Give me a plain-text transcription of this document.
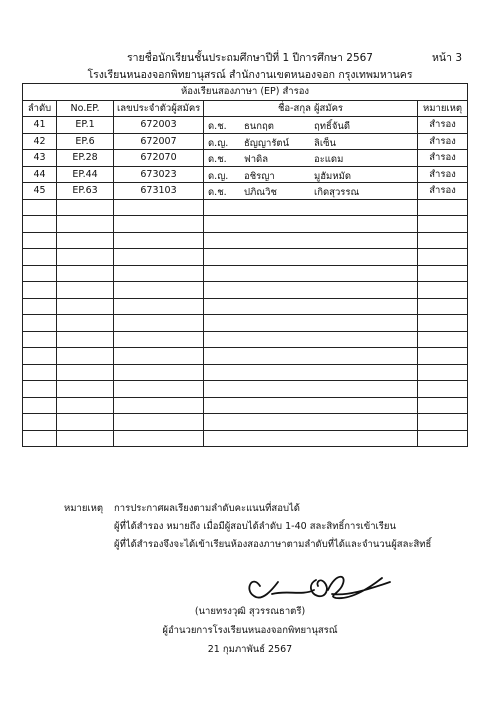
รายชื่อนักเรียนชั้นประถมศึกษาปีที่ 1 ปีการศึกษา 2567	หน้า 3
โรงเรียนหนองจอกพิทยานุสรณ์ สำนักงานเขตหนองจอก กรุงเทพมหานคร
ห้องเรียนสองภาษา (EP) สำรอง				
ลำดับ	No.EP.	เลขประจำตัวผู้สมัคร	ชื่อ-สกุล ผู้สมัคร	หมายเหตุ
41	EP.1	672003	ด.ช. ธนกฤต ฤทธิ์จันดี	สำรอง
42	EP.6	672007	ด.ญ. ธัญญารัตน์ ลิเซ็น	สำรอง
43	EP.28	672070	ด.ช. ฟาดิล อะแดม	สำรอง
44	EP.44	673023	ด.ญ. อชิรญา มูฮัมหมัด	สำรอง
45	EP.63	673103	ด.ช. ปภิณวิช เกิดสุวรรณ	สำรอง

หมายเหตุ การประกาศผลเรียงตามลำดับคะแนนที่สอบได้
ผู้ที่ได้สำรอง หมายถึง เมื่อมีผู้สอบได้ลำดับ 1-40 สละสิทธิ์การเข้าเรียน
ผู้ที่ได้สำรองจึงจะได้เข้าเรียนห้องสองภาษาตามลำดับที่ได้และจำนวนผู้สละสิทธิ์
(นายทรงวุฒิ สุวรรณธาตรี)
ผู้อำนวยการโรงเรียนหนองจอกพิทยานุสรณ์
21 กุมภาพันธ์ 2567
